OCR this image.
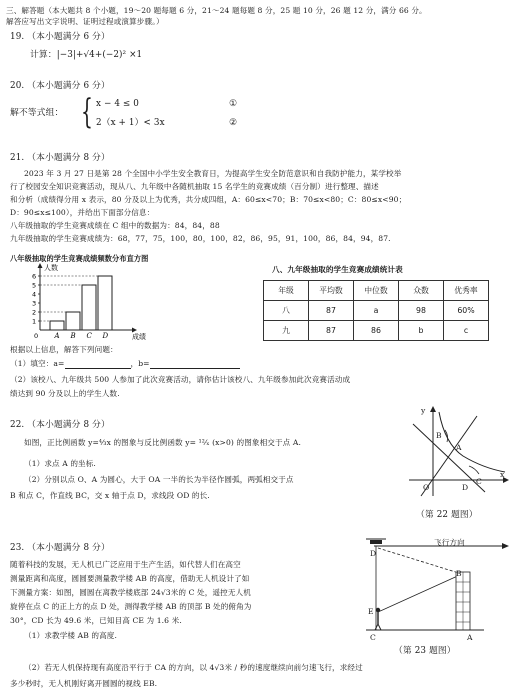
三、解答题（本大题共 8 个小题，19～20 题每题 6 分，21～24 题每题 8 分，25 题 10 分，26 题 12 分，满分 66 分。
解答应写出文字说明、证明过程或演算步骤。）
19. （本小题满分 6 分）
计算：|−3|+√4+(−2)² ×1
20. （本小题满分 6 分）
解不等式组： { x − 4 ≤ 0
2（x + 1）< 3x
①
②
21. （本小题满分 8 分）
2023 年 3 月 27 日是第 28 个全国中小学生安全教育日，为提高学生安全防范意识和自我防护能力，某学校举
行了校园安全知识竞赛活动，现从八、九年级中各随机抽取 15 名学生的竞赛成绩（百分制）进行整理、描述
和分析（成绩得分用 x 表示，80 分及以上为优秀，共分成四组，A：60≤x<70；B：70≤x<80；C：80≤x<90；
D：90≤x≤100），并给出下面部分信息：
八年级抽取的学生竞赛成绩在 C 组中的数据为：84，84，88
九年级抽取的学生竞赛成绩为：68，77，75，100，80，100，82，86，95，91，100，86，84，94，87.
八年级抽取的学生竞赛成绩频数分布直方图
人数
成绩
1
2
3
4
5
6
A B C D
0
八、九年级抽取的学生竞赛成绩统计表
年级	平均数	中位数	众数	优秀率
八	87	a	98	60%
九	87	86	b	c
根据以上信息，解答下列问题：
（1）填空：a=	，b=
（2）该校八、九年级共 500 人参加了此次竞赛活动，请你估计该校八、九年级参加此次竞赛活动成
绩达到 90 分及以上的学生人数.
22. （本小题满分 8 分）
如图，正比例函数 y=⁴⁄₃x 的图象与反比例函数 y= ¹²⁄ₓ (x>0) 的图象相交于点 A.
（1）求点 A 的坐标.
（2）分别以点 O、A 为圆心，大于 OA 一半的长为半径作圆弧，两弧相交于点
B 和点 C，作直线 BC，交 x 轴于点 D，求线段 OD 的长.
y
x
O
A
B
C
D
（第 22 题图）
23. （本小题满分 8 分）
随着科技的发展，无人机已广泛应用于生产生活，如代替人们在高空
测量距离和高度，圆圆要测量教学楼 AB 的高度，借助无人机设计了如
下测量方案：如图，圆圆在离教学楼底部 24√3米的 C 处，遥控无人机
旋停在点 C 的正上方的点 D 处，测得教学楼 AB 的顶部 B 处的俯角为
30°，CD 长为 49.6 米，已知目高 CE 为 1.6 米.
（1）求教学楼 AB 的高度.
飞行方向
D
B
E
C	A
（第 23 题图）
（2）若无人机保持现有高度沿平行于 CA 的方向，以 4√3米 / 秒的速度继续向前匀速飞行，求经过
多少秒时，无人机刚好离开圆圆的视线 EB.
